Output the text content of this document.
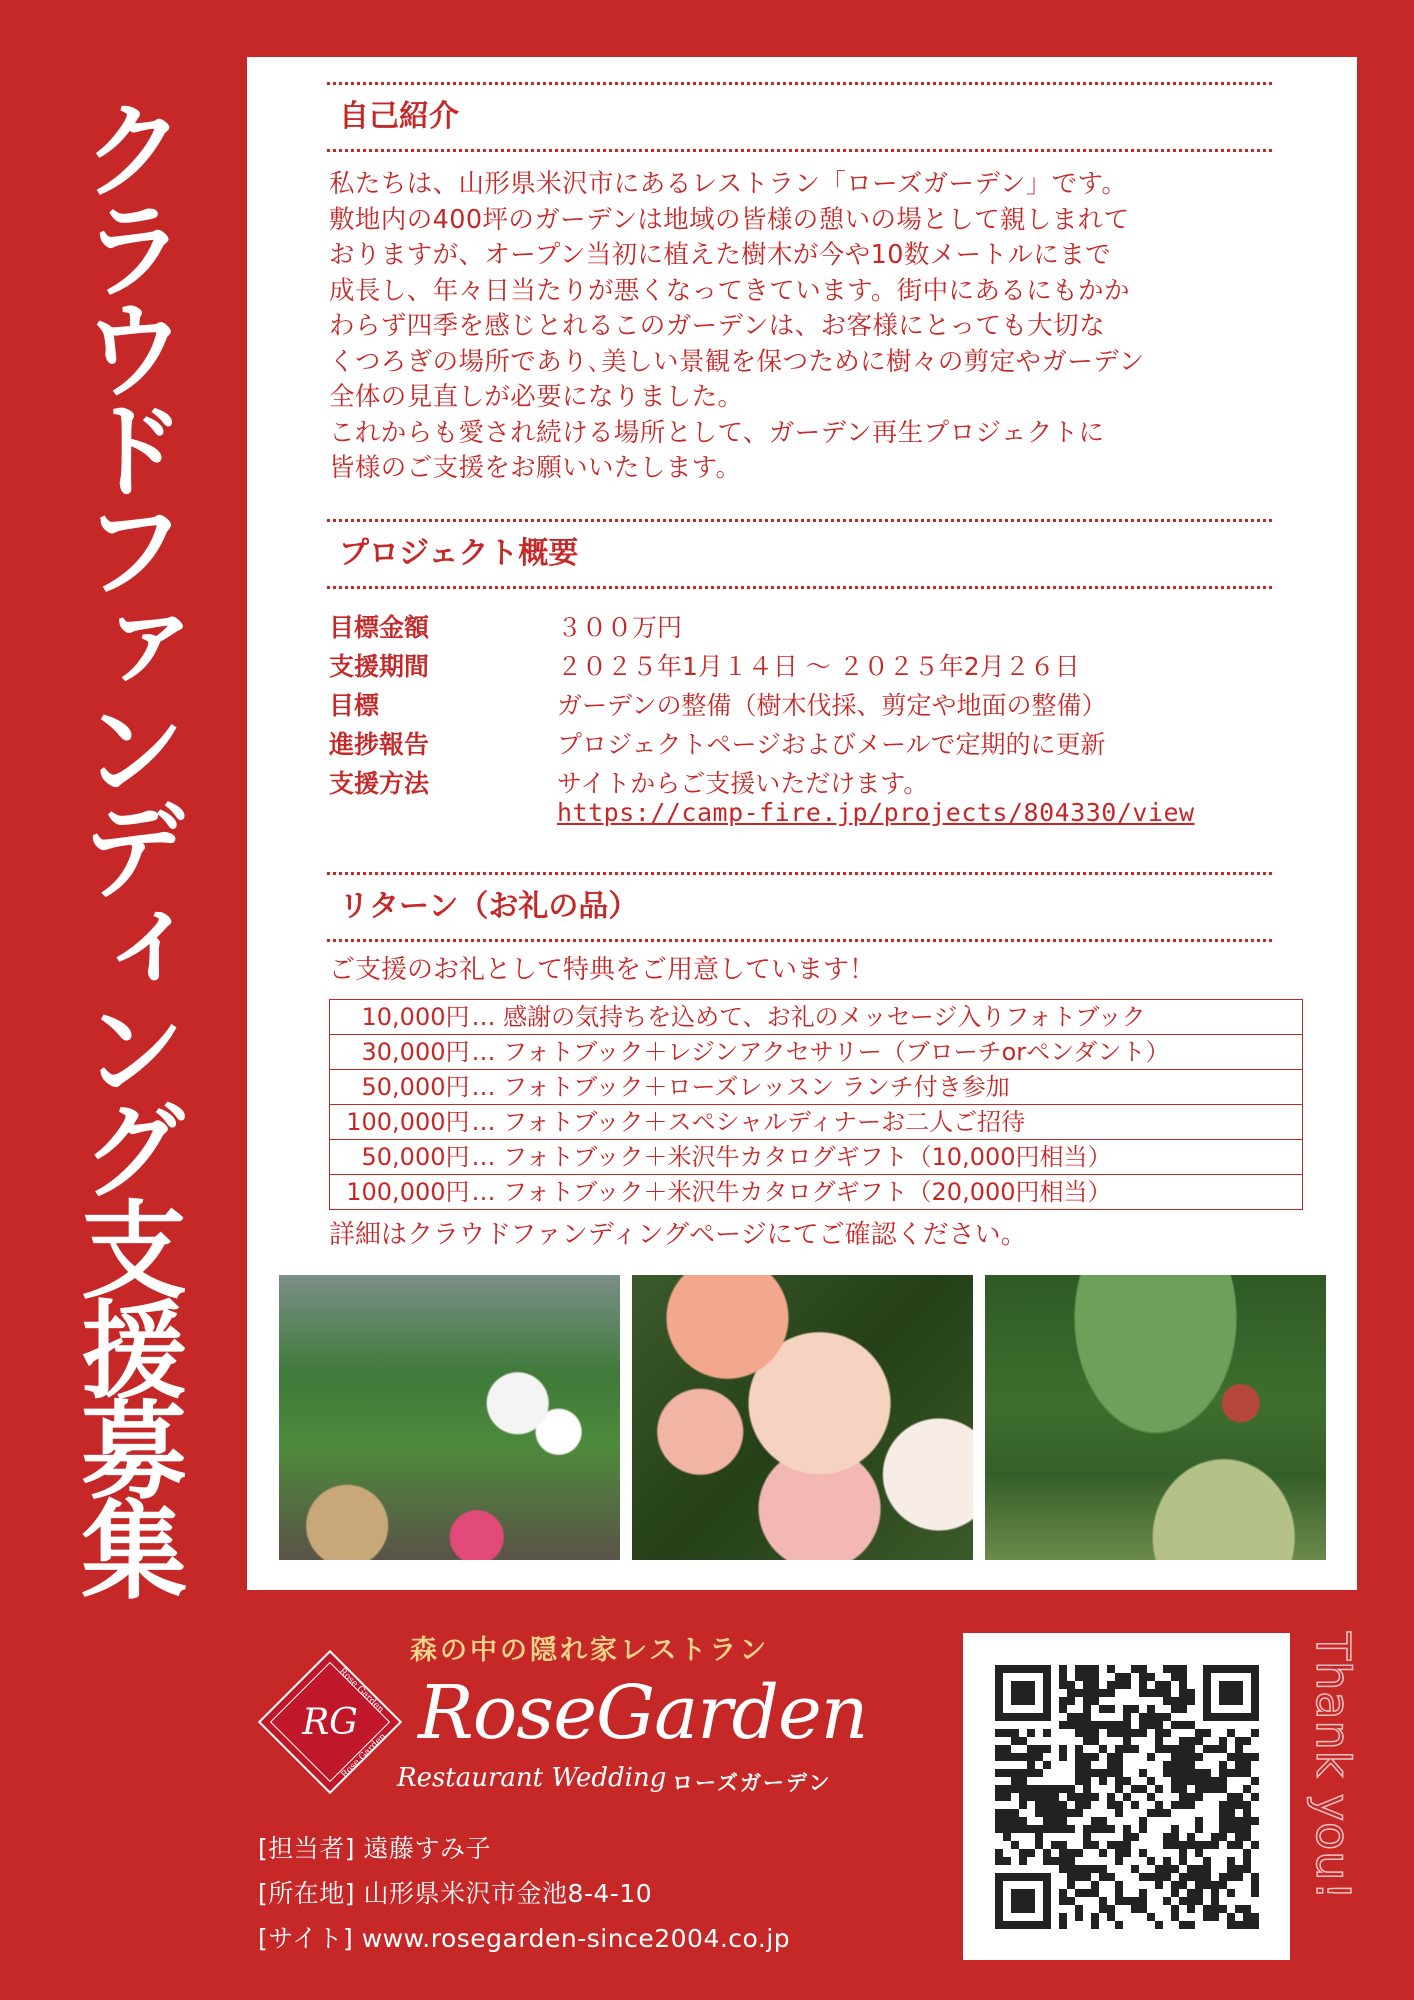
クラウドファンディング支援募集	自己紹介

私たちは、山形県米沢市にあるレストラン「ローズガーデン」です。

敷地内の400坪のガーデンは地域の皆様の憩いの場として親しまれて

おりますが、オープン当初に植えた樹木が今や10数メートルにまで

成長し、年々日当たりが悪くなってきています。街中にあるにもかか

わらず四季を感じとれるこのガーデンは、お客様にとっても大切な

くつろぎの場所であり､美しい景観を保つために樹々の剪定やガーデン

全体の見直しが必要になりました。

これからも愛され続ける場所として、ガーデン再生プロジェクトに

皆様のご支援をお願いいたします。

プロジェクト概要
目標金額	３００万円
支援期間	２０２５年1月１４日 ～ ２０２５年2月２６日
目標	ガーデンの整備（樹木伐採、剪定や地面の整備）
進捗報告	プロジェクトページおよびメールで定期的に更新
支援方法	サイトからご支援いただけます。
https://camp-fire.jp/projects/804330/view
リターン（お礼の品）
ご支援のお礼として特典をご用意しています！
10,000円	… 感謝の気持ちを込めて、お礼のメッセージ入りフォトブック
30,000円	… フォトブック＋レジンアクセサリー（ブローチorペンダント）
50,000円	… フォトブック＋ローズレッスン ランチ付き参加
100,000円	… フォトブック＋スペシャルディナーお二人ご招待
50,000円	… フォトブック＋米沢牛カタログギフト（10,000円相当）
100,000円	… フォトブック＋米沢牛カタログギフト（20,000円相当）
詳細はクラウドファンディングページにてご確認ください。
RG
Rose Garden
Rose Garden
森の中の隠れ家レストラン
RoseGarden
Restaurant Wedding ローズガーデン
[担当者] 遠藤すみ子
[所在地] 山形県米沢市金池8-4-10
[サイト] www.rosegarden-since2004.co.jp
Thank you!
